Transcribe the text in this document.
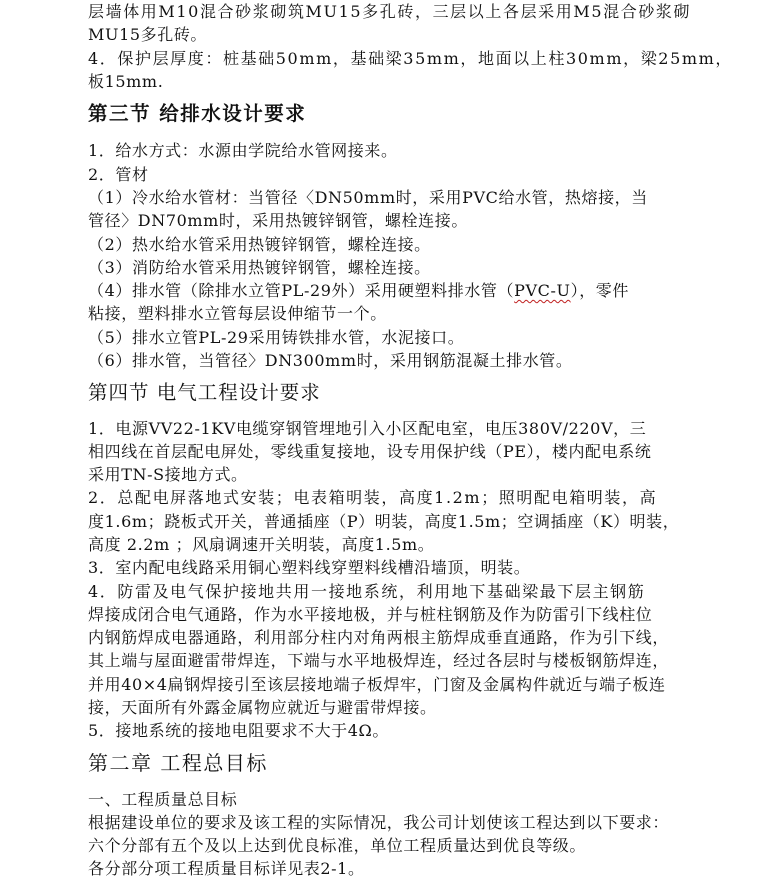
层墙体用M10混合砂浆砌筑MU15多孔砖，三层以上各层采用M5混合砂浆砌
MU15多孔砖。
4．保护层厚度：桩基础50mm，基础梁35mm，地面以上柱30mm，梁25mm，
板15mm.
第三节 给排水设计要求
1．给水方式：水源由学院给水管网接来。
2．管材
（1）冷水给水管材：当管径〈DN50mm时，采用PVC给水管，热熔接，当
管径〉DN70mm时，采用热镀锌钢管，螺栓连接。
（2）热水给水管采用热镀锌钢管，螺栓连接。
（3）消防给水管采用热镀锌钢管，螺栓连接。
（4）排水管（除排水立管PL-29外）采用硬塑料排水管（PVC-U），零件
粘接，塑料排水立管每层设伸缩节一个。
（5）排水立管PL-29采用铸铁排水管，水泥接口。
（6）排水管，当管径〉DN300mm时，采用钢筋混凝土排水管。
第四节 电气工程设计要求
1．电源VV22-1KV电缆穿钢管埋地引入小区配电室，电压380V/220V，三
相四线在首层配电屏处，零线重复接地，设专用保护线（PE），楼内配电系统
采用TN-S接地方式。
2．总配电屏落地式安装；电表箱明装，高度1.2m；照明配电箱明装，高
度1.6m；跷板式开关，普通插座（P）明装，高度1.5m；空调插座（K）明装，
高度 2.2m ；风扇调速开关明装，高度1.5m。
3．室内配电线路采用铜心塑料线穿塑料线槽沿墙顶，明装。
4．防雷及电气保护接地共用一接地系统，利用地下基础梁最下层主钢筋
焊接成闭合电气通路，作为水平接地极，并与桩柱钢筋及作为防雷引下线柱位
内钢筋焊成电器通路，利用部分柱内对角两根主筋焊成垂直通路，作为引下线，
其上端与屋面避雷带焊连，下端与水平地极焊连，经过各层时与楼板钢筋焊连，
并用40×4扁钢焊接引至该层接地端子板焊牢，门窗及金属构件就近与端子板连
接，天面所有外露金属物应就近与避雷带焊接。
5．接地系统的接地电阻要求不大于4Ω。
第二章 工程总目标
一、工程质量总目标
根据建设单位的要求及该工程的实际情况，我公司计划使该工程达到以下要求：
六个分部有五个及以上达到优良标准，单位工程质量达到优良等级。
各分部分项工程质量目标详见表2-1。
